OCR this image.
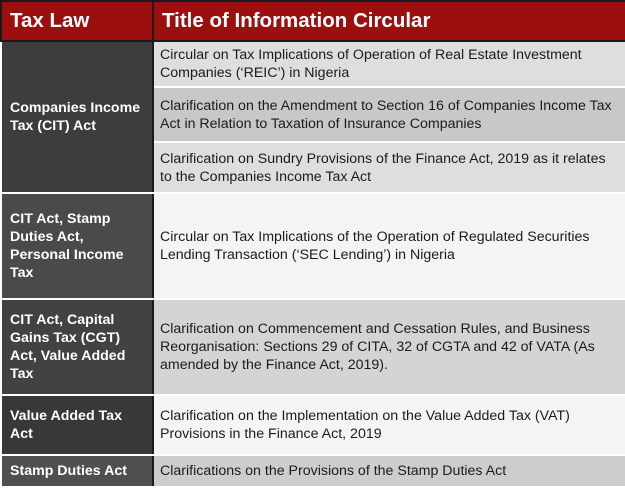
Tax Law	Title of Information Circular
Companies Income Tax (CIT) Act	Circular on Tax Implications of Operation of Real Estate Investment Companies (‘REIC’) in Nigeria
	Clarification on the Amendment to Section 16 of Companies Income Tax Act in Relation to Taxation of Insurance Companies
	Clarification on Sundry Provisions of the Finance Act, 2019 as it relates to the Companies Income Tax Act
CIT Act, Stamp Duties Act, Personal Income Tax	Circular on Tax Implications of the Operation of Regulated Securities Lending Transaction (‘SEC Lending’) in Nigeria
CIT Act, Capital Gains Tax (CGT) Act, Value Added Tax	Clarification on Commencement and Cessation Rules, and Business Reorganisation: Sections 29 of CITA, 32 of CGTA and 42 of VATA (As amended by the Finance Act, 2019).
Value Added Tax Act	Clarification on the Implementation on the Value Added Tax (VAT) Provisions in the Finance Act, 2019
Stamp Duties Act	Clarifications on the Provisions of the Stamp Duties Act
